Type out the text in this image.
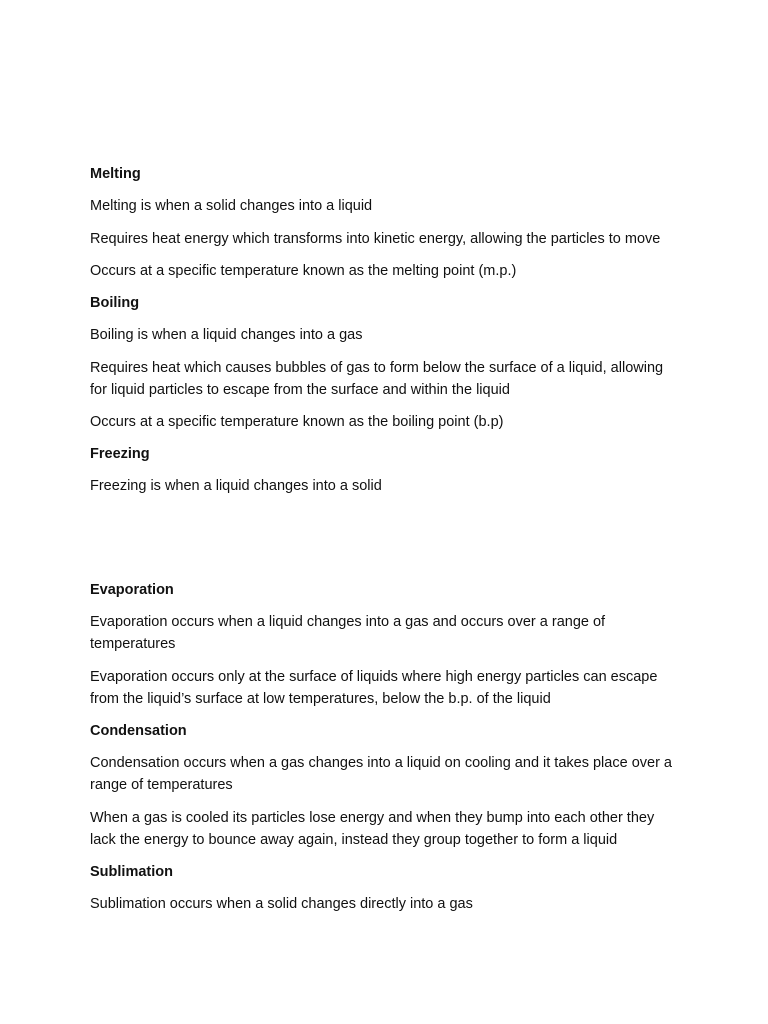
Melting

Melting is when a solid changes into a liquid

Requires heat energy which transforms into kinetic energy, allowing the particles to move

Occurs at a specific temperature known as the melting point (m.p.)

Boiling

Boiling is when a liquid changes into a gas

Requires heat which causes bubbles of gas to form below the surface of a liquid, allowing for liquid particles to escape from the surface and within the liquid

Occurs at a specific temperature known as the boiling point (b.p)

Freezing

Freezing is when a liquid changes into a solid

Evaporation

Evaporation occurs when a liquid changes into a gas and occurs over a range of temperatures

Evaporation occurs only at the surface of liquids where high energy particles can escape from the liquid’s surface at low temperatures, below the b.p. of the liquid

Condensation

Condensation occurs when a gas changes into a liquid on cooling and it takes place over a range of temperatures

When a gas is cooled its particles lose energy and when they bump into each other they lack the energy to bounce away again, instead they group together to form a liquid

Sublimation

Sublimation occurs when a solid changes directly into a gas
